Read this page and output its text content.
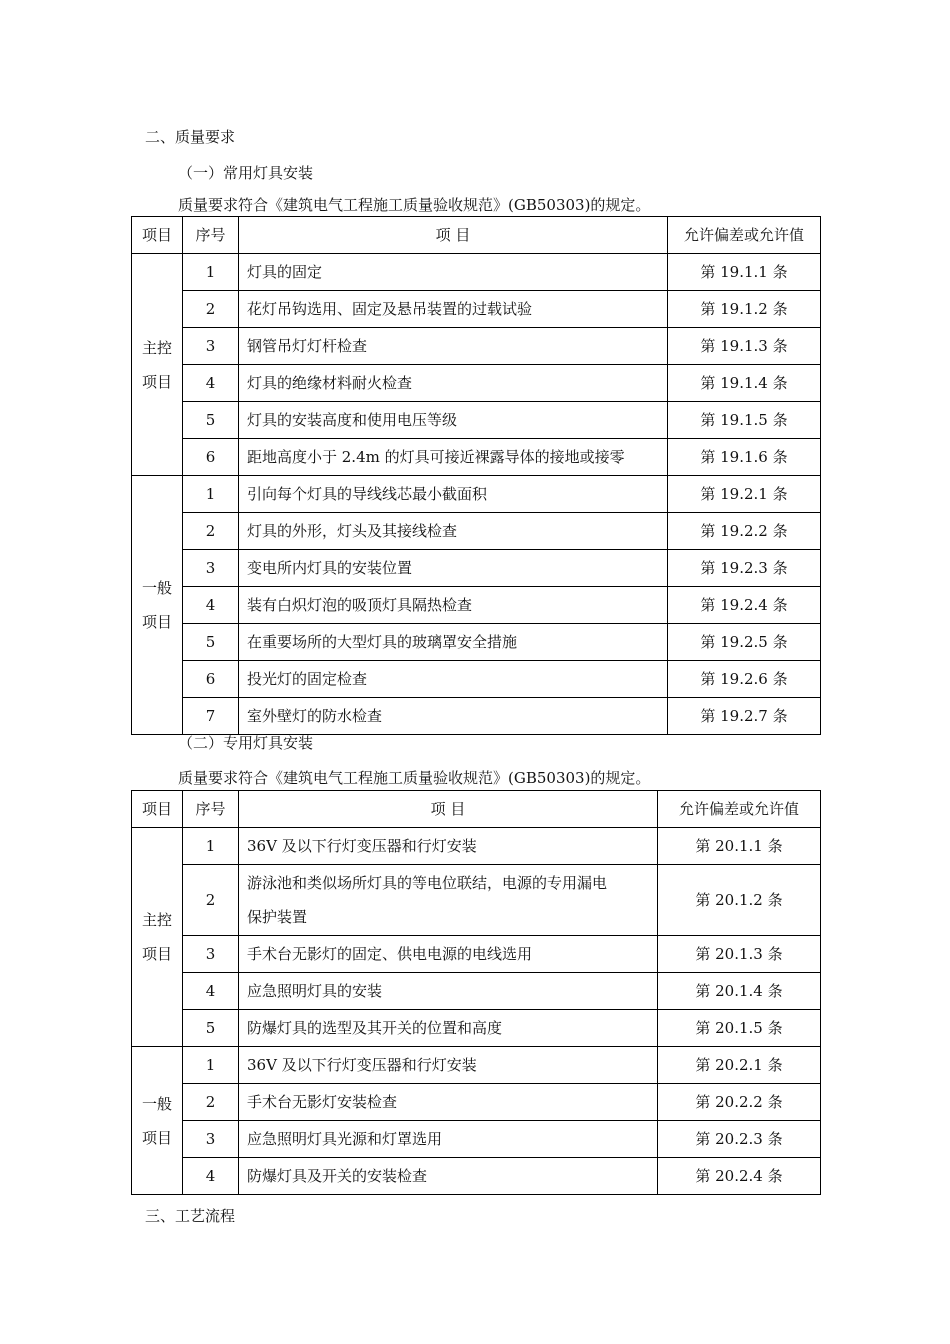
二、质量要求
（一）常用灯具安装
质量要求符合《建筑电气工程施工质量验收规范》(GB50303)的规定。
项目	序号	项 目	允许偏差或允许值
主控
项目	1	灯具的固定	第 19.1.1 条
	2	花灯吊钩选用、固定及悬吊装置的过载试验	第 19.1.2 条
	3	钢管吊灯灯杆检查	第 19.1.3 条
	4	灯具的绝缘材料耐火检查	第 19.1.4 条
	5	灯具的安装高度和使用电压等级	第 19.1.5 条
	6	距地高度小于 2.4m 的灯具可接近裸露导体的接地或接零	第 19.1.6 条
一般
项目	1	引向每个灯具的导线线芯最小截面积	第 19.2.1 条
	2	灯具的外形，灯头及其接线检查	第 19.2.2 条
	3	变电所内灯具的安装位置	第 19.2.3 条
	4	装有白炽灯泡的吸顶灯具隔热检查	第 19.2.4 条
	5	在重要场所的大型灯具的玻璃罩安全措施	第 19.2.5 条
	6	投光灯的固定检查	第 19.2.6 条
	7	室外壁灯的防水检查	第 19.2.7 条
（二）专用灯具安装
质量要求符合《建筑电气工程施工质量验收规范》(GB50303)的规定。
项目	序号	项 目	允许偏差或允许值
主控
项目	1	36V 及以下行灯变压器和行灯安装	第 20.1.1 条
	2	游泳池和类似场所灯具的等电位联结，电源的专用漏电
保护装置	第 20.1.2 条
	3	手术台无影灯的固定、供电电源的电线选用	第 20.1.3 条
	4	应急照明灯具的安装	第 20.1.4 条
	5	防爆灯具的选型及其开关的位置和高度	第 20.1.5 条
一般
项目	1	36V 及以下行灯变压器和行灯安装	第 20.2.1 条
	2	手术台无影灯安装检查	第 20.2.2 条
	3	应急照明灯具光源和灯罩选用	第 20.2.3 条
	4	防爆灯具及开关的安装检查	第 20.2.4 条
三、工艺流程
